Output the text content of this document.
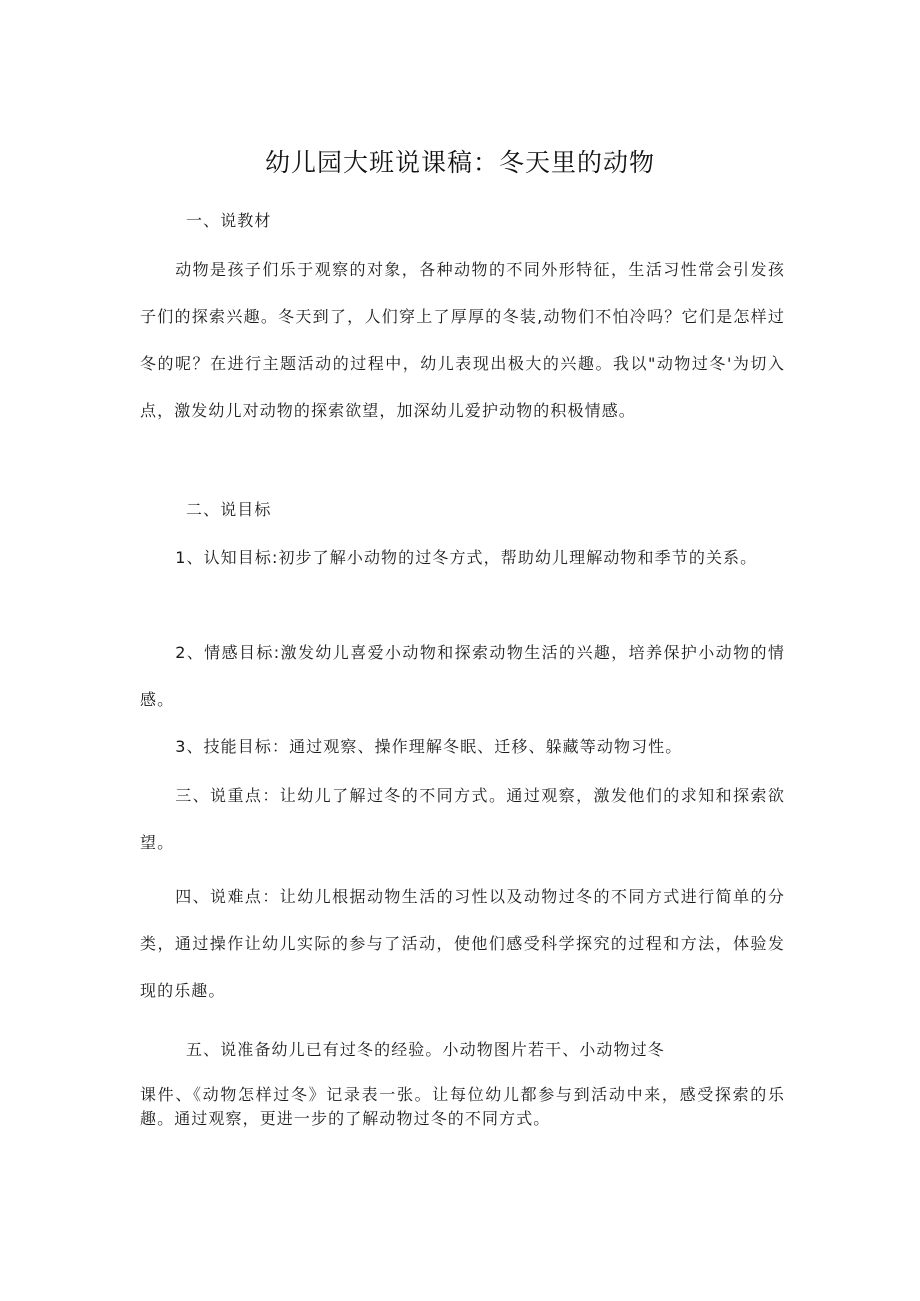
幼儿园大班说课稿：冬天里的动物
一、说教材
动物是孩子们乐于观察的对象，各种动物的不同外形特征，生活习性常会引发孩子们的探索兴趣。冬天到了，人们穿上了厚厚的冬装,动物们不怕冷吗？它们是怎样过冬的呢？在进行主题活动的过程中，幼儿表现出极大的兴趣。我以"动物过冬'为切入点，激发幼儿对动物的探索欲望，加深幼儿爱护动物的积极情感。
二、说目标
1、认知目标:初步了解小动物的过冬方式，帮助幼儿理解动物和季节的关系。
2、情感目标:激发幼儿喜爱小动物和探索动物生活的兴趣，培养保护小动物的情感。
3、技能目标：通过观察、操作理解冬眠、迁移、躲藏等动物习性。
三、说重点：让幼儿了解过冬的不同方式。通过观察，激发他们的求知和探索欲望。
四、说难点：让幼儿根据动物生活的习性以及动物过冬的不同方式进行简单的分类，通过操作让幼儿实际的参与了活动，使他们感受科学探究的过程和方法，体验发现的乐趣。
五、说准备幼儿已有过冬的经验。小动物图片若干、小动物过冬
课件、《动物怎样过冬》记录表一张。让每位幼儿都参与到活动中来，感受探索的乐趣。通过观察，更进一步的了解动物过冬的不同方式。
